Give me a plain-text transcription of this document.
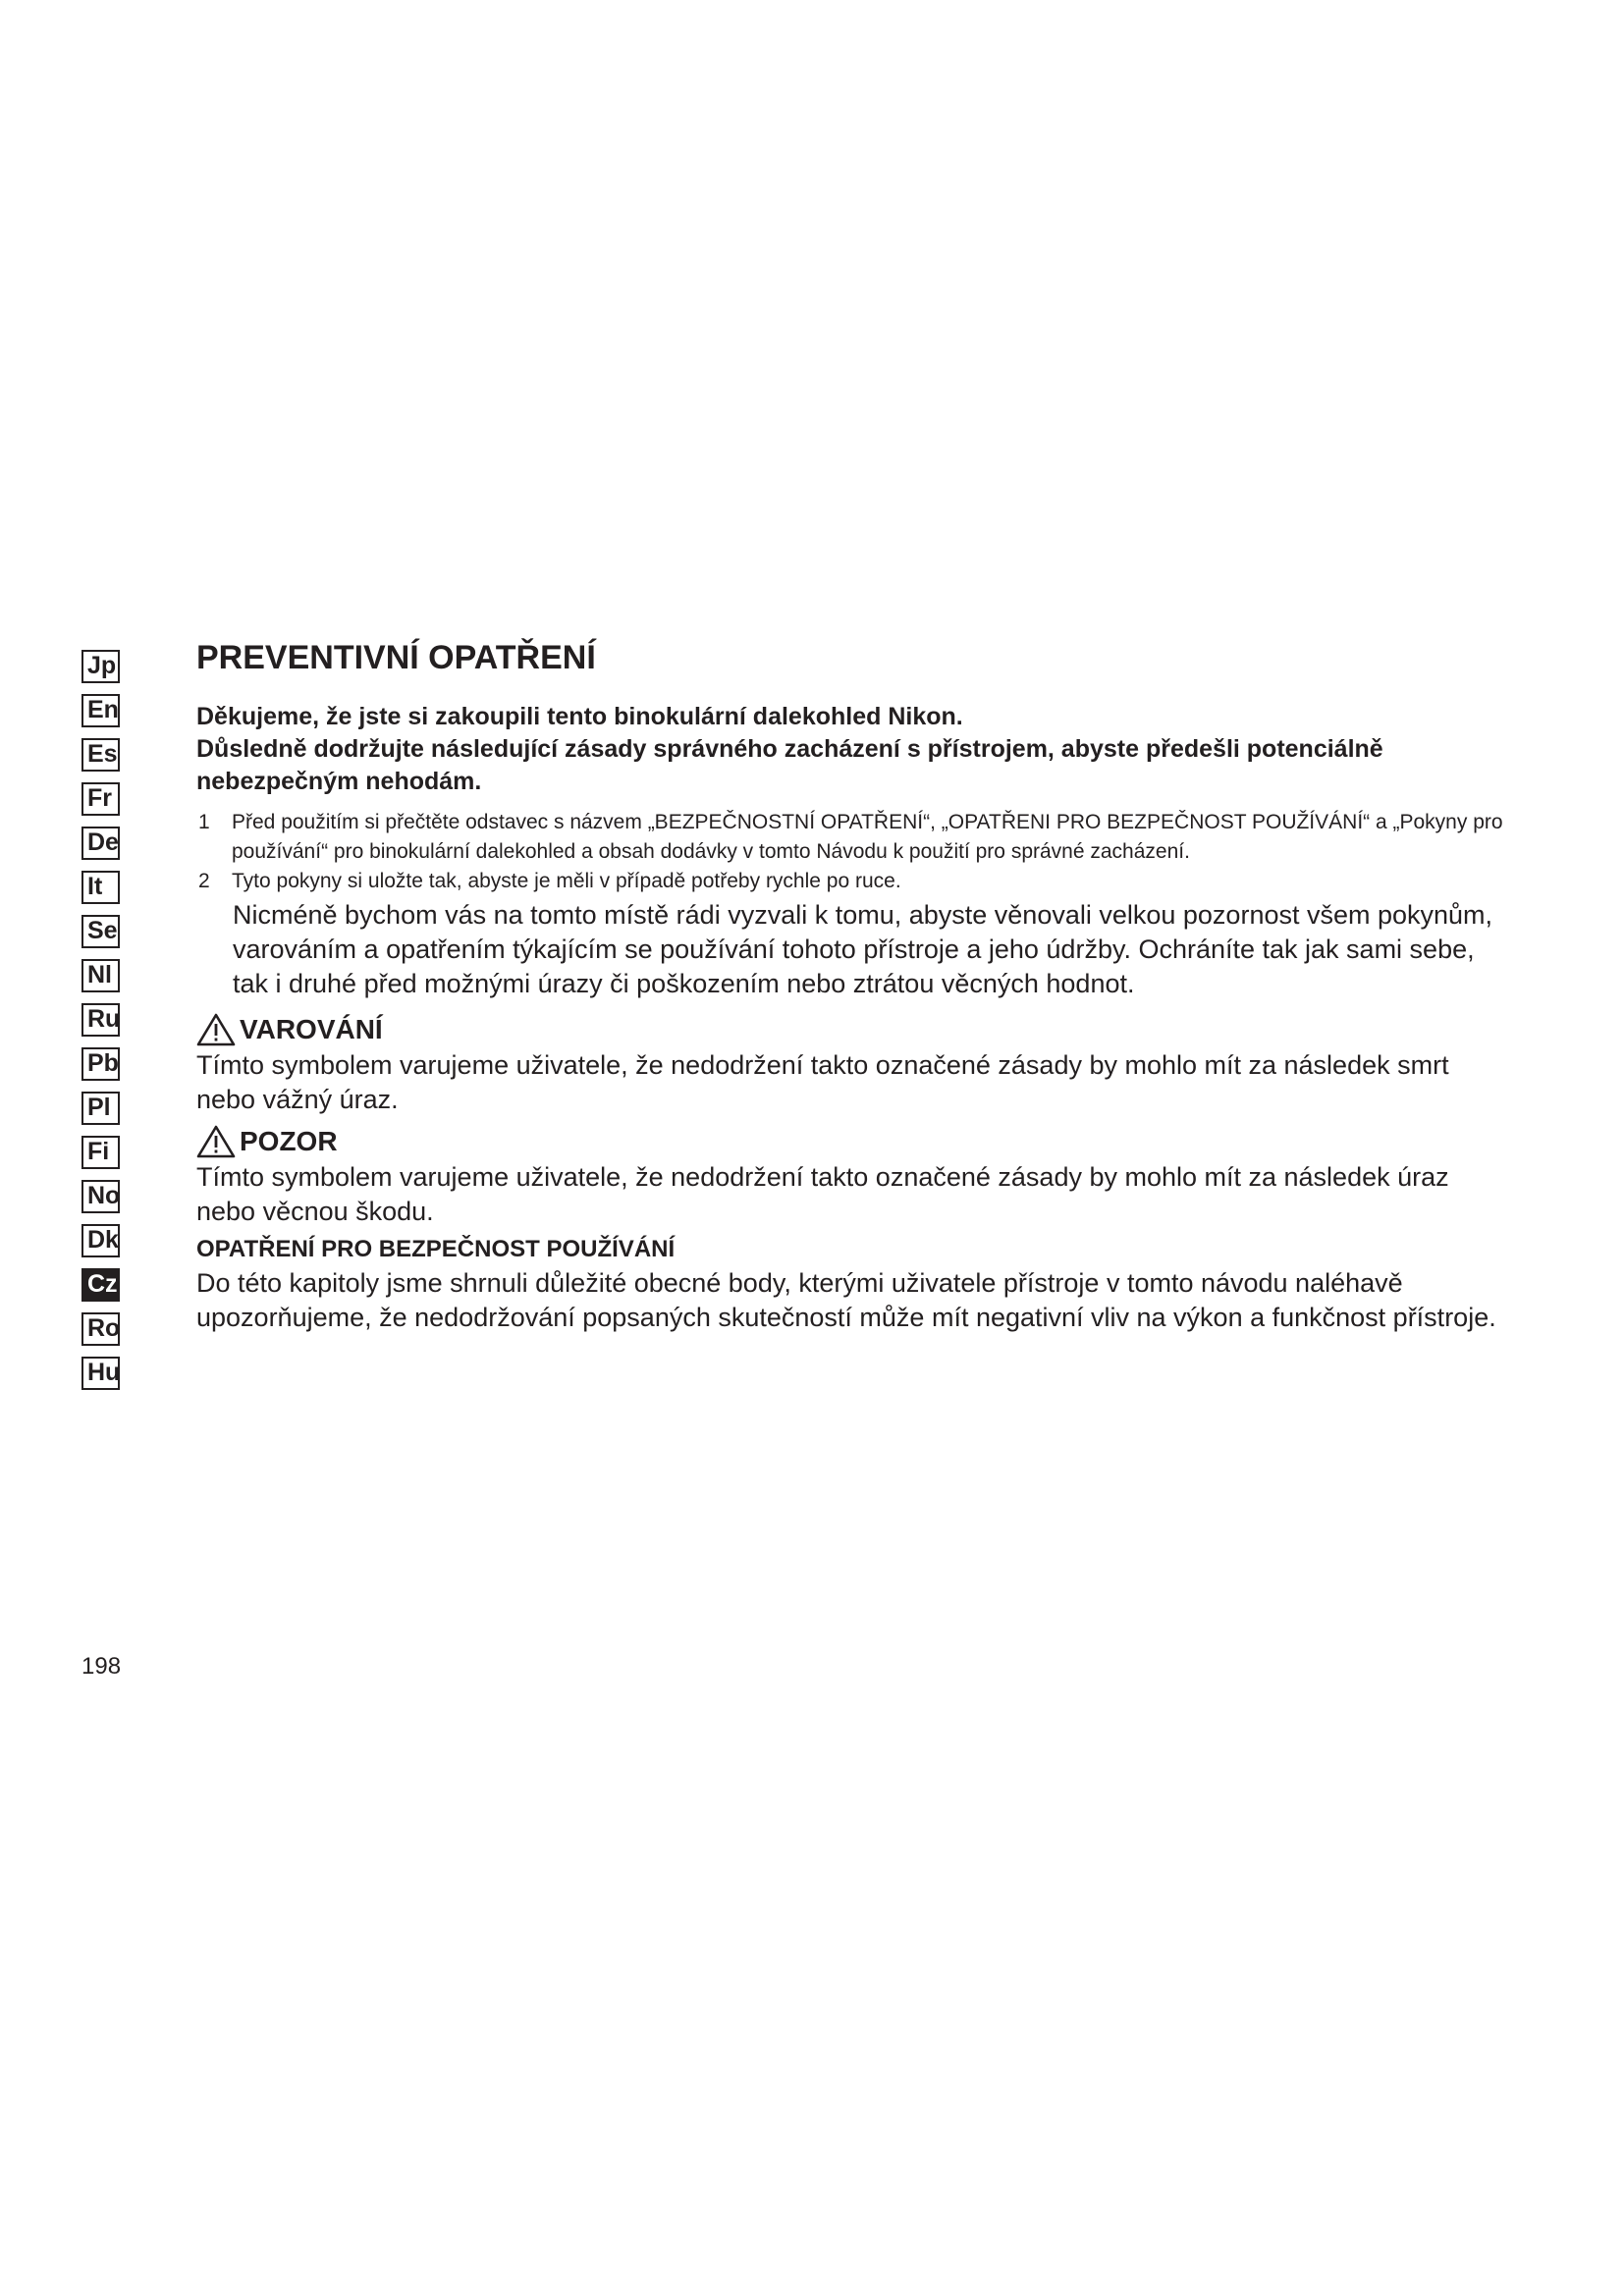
Jp
En
Es
Fr
De
It
Se
Nl
Ru
Pb
Pl
Fi
No
Dk
Cz
Ro
Hu
PREVENTIVNÍ OPATŘENÍ

Děkujeme, že jste si zakoupili tento binokulární dalekohled Nikon.

Důsledně dodržujte následující zásady správného zacházení s přístrojem, abyste předešli potenciálně nebezpečným nehodám.

1 Před použitím si přečtěte odstavec s názvem „BEZPEČNOSTNÍ OPATŘENÍ“, „OPATŘENI PRO BEZPEČNOST POUŽÍVÁNÍ“ a „Pokyny pro používání“ pro binokulární dalekohled a obsah dodávky v tomto Návodu k použití pro správné zacházení.
2 Tyto pokyny si uložte tak, abyste je měli v případě potřeby rychle po ruce.

Nicméně bychom vás na tomto místě rádi vyzvali k tomu, abyste věnovali velkou pozornost všem pokynům, varováním a opatřením týkajícím se používání tohoto přístroje a jeho údržby. Ochráníte tak jak sami sebe, tak i druhé před možnými úrazy či poškozením nebo ztrátou věcných hodnot.

VAROVÁNÍ

Tímto symbolem varujeme uživatele, že nedodržení takto označené zásady by mohlo mít za následek smrt nebo vážný úraz.

POZOR

Tímto symbolem varujeme uživatele, že nedodržení takto označené zásady by mohlo mít za následek úraz nebo věcnou škodu.

OPATŘENÍ PRO BEZPEČNOST POUŽÍVÁNÍ

Do této kapitoly jsme shrnuli důležité obecné body, kterými uživatele přístroje v tomto návodu naléhavě upozorňujeme, že nedodržování popsaných skutečností může mít negativní vliv na výkon a funkčnost přístroje.

198
